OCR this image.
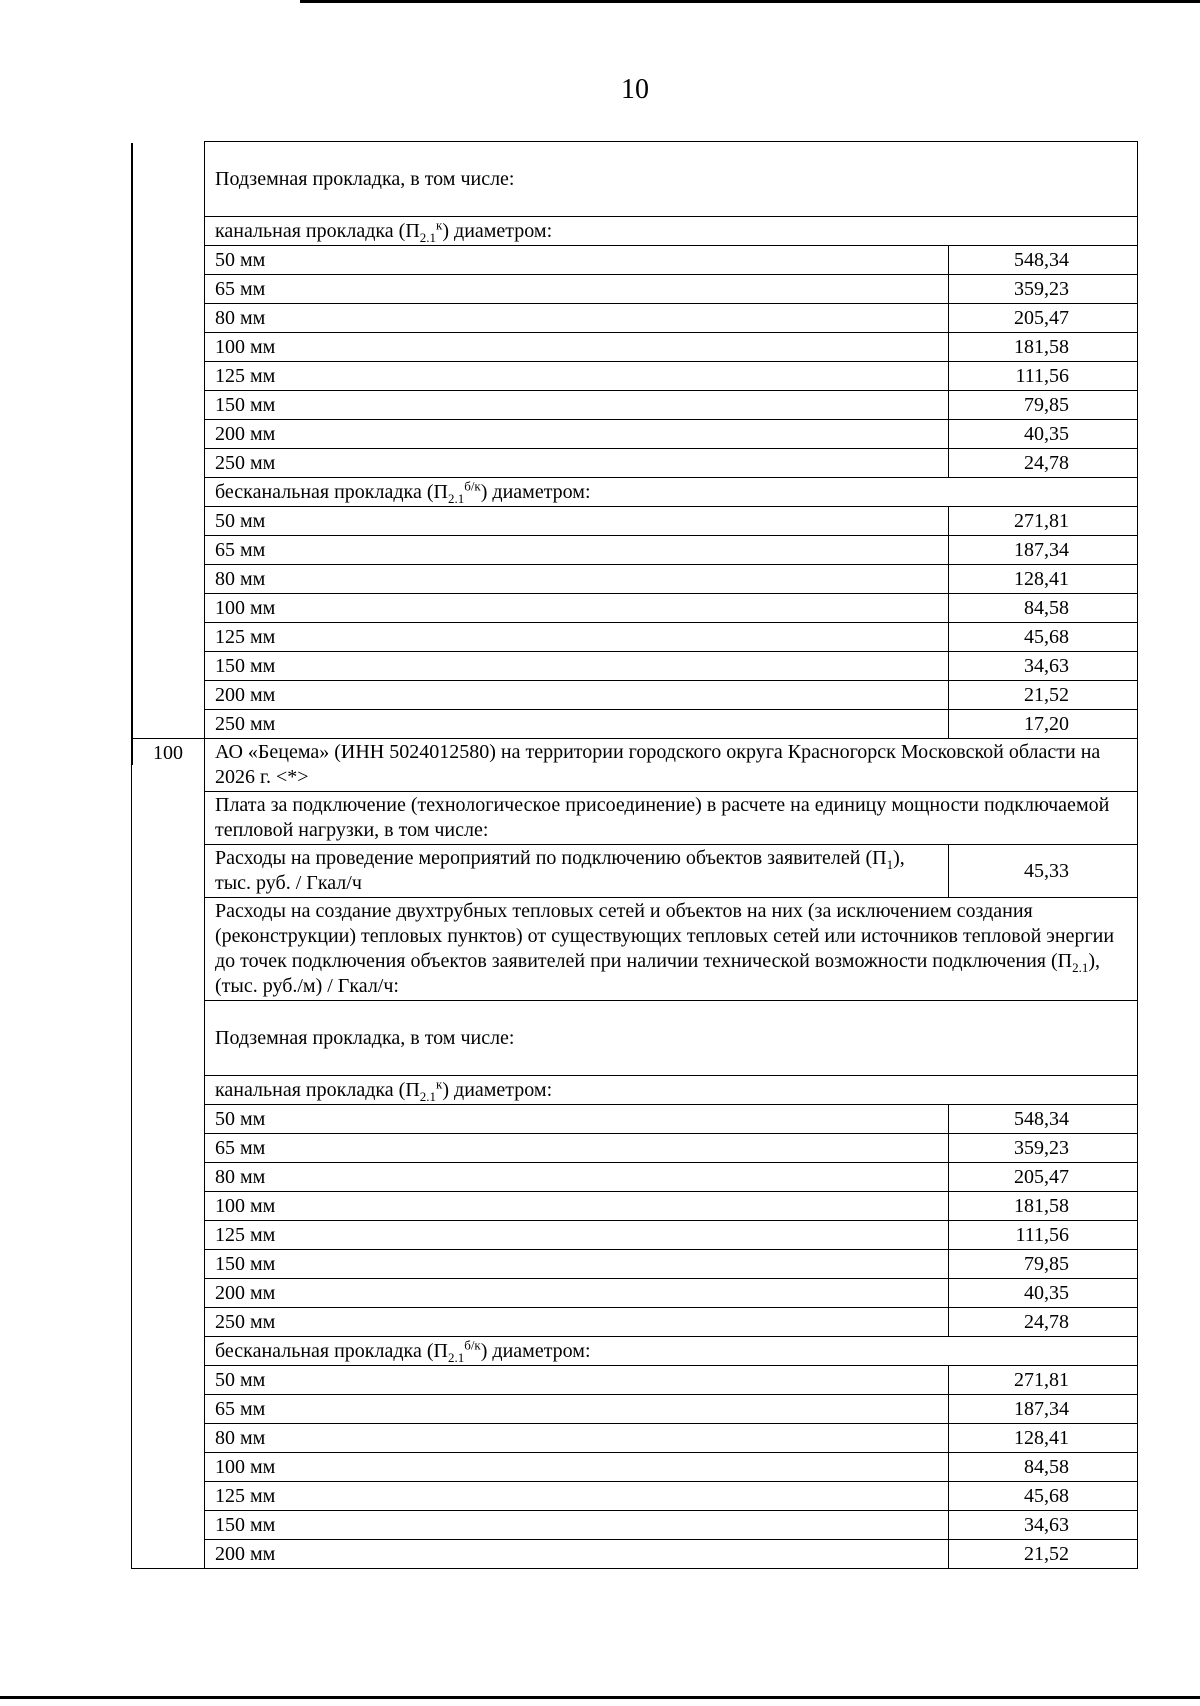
10
	Подземная прокладка, в том числе:	
	канальная прокладка $(П_{2.1}^к)$ диаметром:	
	50 мм	548,34
	65 мм	359,23
	80 мм	205,47
	100 мм	181,58
	125 мм	111,56
	150 мм	79,85
	200 мм	40,35
	250 мм	24,78
	бесканальная прокладка $(П_{2.1}^{б/к})$ диаметром:	
	50 мм	271,81
	65 мм	187,34
	80 мм	128,41
	100 мм	84,58
	125 мм	45,68
	150 мм	34,63
	200 мм	21,52
	250 мм	17,20
100	АО «Бецема» (ИНН 5024012580) на территории городского округа Красногорск Московской области на 2026 г. <*>	
	Плата за подключение (технологическое присоединение) в расчете на единицу мощности подключаемой тепловой нагрузки, в том числе:	
	Расходы на проведение мероприятий по подключению объектов заявителей $(П_1)$, тыс. руб. / Гкал/ч	45,33
	Расходы на создание двухтрубных тепловых сетей и объектов на них (за исключением создания (реконструкции) тепловых пунктов) от существующих тепловых сетей или источников тепловой энергии до точек подключения объектов заявителей при наличии технической возможности подключения $(П_{2.1})$, (тыс. руб./м) / Гкал/ч:	
	Подземная прокладка, в том числе:	
	канальная прокладка $(П_{2.1}^к)$ диаметром:	
	50 мм	548,34
	65 мм	359,23
	80 мм	205,47
	100 мм	181,58
	125 мм	111,56
	150 мм	79,85
	200 мм	40,35
	250 мм	24,78
	бесканальная прокладка $(П_{2.1}^{б/к})$ диаметром:	
	50 мм	271,81
	65 мм	187,34
	80 мм	128,41
	100 мм	84,58
	125 мм	45,68
	150 мм	34,63
	200 мм	21,52
